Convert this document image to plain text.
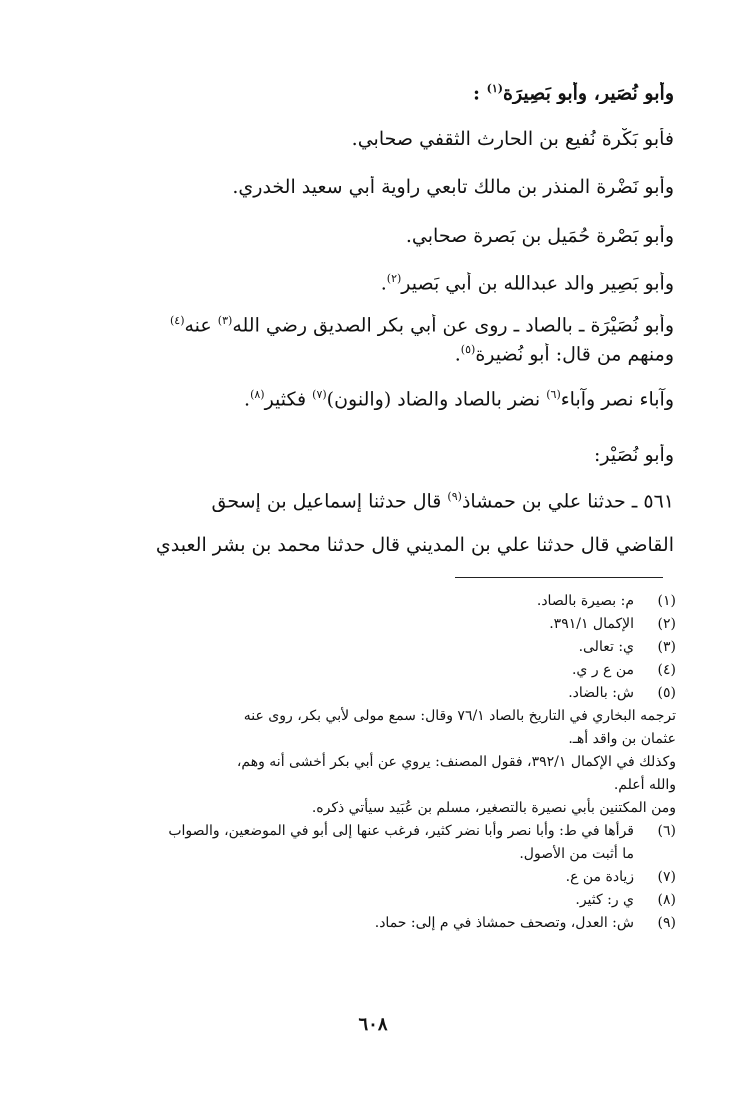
وأبو نُصَير، وأبو بَصِيرَة$^{(١)}$ :
فأبو بَكْرة نُفيع بن الحارث الثقفي صحابي.
وأبو نَضْرة المنذر بن مالك تابعي راوية أبي سعيد الخدري.
وأبو بَصْرة حُمَيل بن بَصرة صحابي.
وأبو بَصِير والد عبدالله بن أبي بَصير$^{(٢)}$.
وأبو نُصَيْرَة ـ بالصاد ـ روى عن أبي بكر الصديق رضي الله$^{(٣)}$ عنه$^{(٤)}$
ومنهم من قال: أبو نُضيرة$^{(٥)}$.
وآباء نصر وآباء$^{(٦)}$ نضر بالصاد والضاد (والنون)$^{(٧)}$ فكثير$^{(٨)}$.
وأبو نُصَيْر:
٥٦١ ـ حدثنا علي بن حمشاذ$^{(٩)}$ قال حدثنا إسماعيل بن إسحق
القاضي قال حدثنا علي بن المديني قال حدثنا محمد بن بشر العبدي
(١)م: بصيرة بالصاد.
(٢)الإكمال ٣٩١/١.
(٣)ي: تعالى.
(٤)من ع ر ي.
(٥)ش: بالضاد.
ترجمه البخاري في التاريخ بالصاد ٧٦/١ وقال: سمع مولى لأبي بكر، روى عنه
عثمان بن واقد أهـ.
وكذلك في الإكمال ٣٩٢/١، فقول المصنف: يروي عن أبي بكر أخشى أنه وهم،
والله أعلم.
ومن المكتنين بأبي نصيرة بالتصغير، مسلم بن عُبَيد سيأتي ذكره.
(٦)قرأها في ط: وأبا نصر وأبا نضر كثير، فرغب عنها إلى أبو في الموضعين، والصواب
ما أثبت من الأصول.
(٧)زيادة من ع.
(٨)ي ر: كثير.
(٩)ش: العدل، وتصحف حمشاذ في م إلى: حماد.
٦٠٨
